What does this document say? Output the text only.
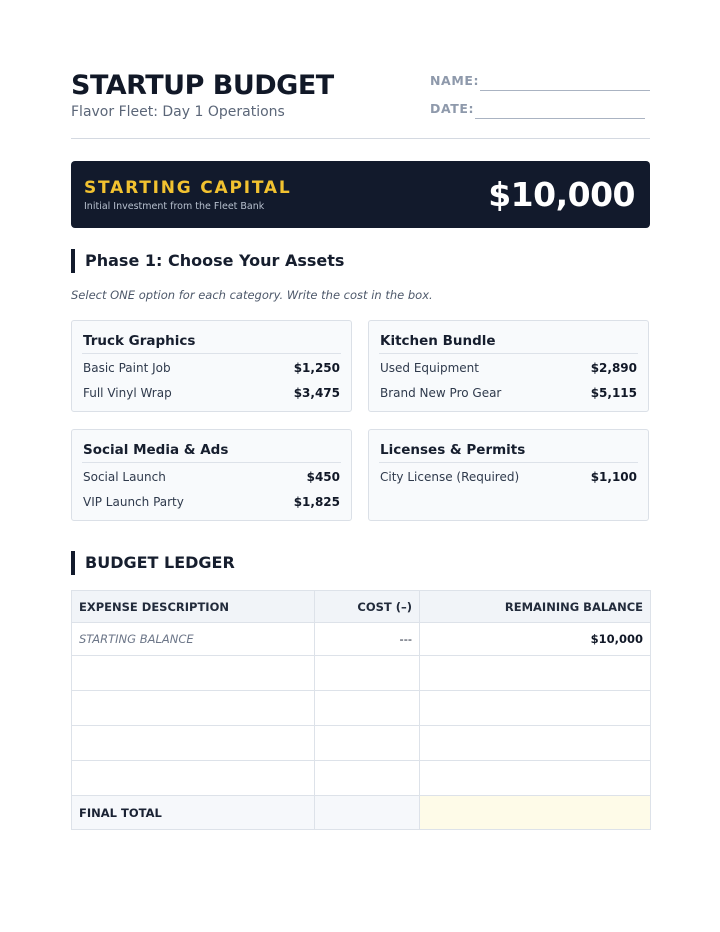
STARTUP BUDGET
Flavor Fleet: Day 1 Operations
NAME:
DATE:
STARTING CAPITAL
Initial Investment from the Fleet Bank	$10,000
Phase 1: Choose Your Assets
Select ONE option for each category. Write the cost in the box.
Truck Graphics
Basic Paint Job	$1,250
Full Vinyl Wrap	$3,475
Kitchen Bundle
Used Equipment	$2,890
Brand New Pro Gear	$5,115
Social Media & Ads
Social Launch	$450
VIP Launch Party	$1,825
Licenses & Permits
City License (Required)	$1,100
BUDGET LEDGER
EXPENSE DESCRIPTION	COST (–)	REMAINING BALANCE
STARTING BALANCE	---	$10,000

FINAL TOTAL		
